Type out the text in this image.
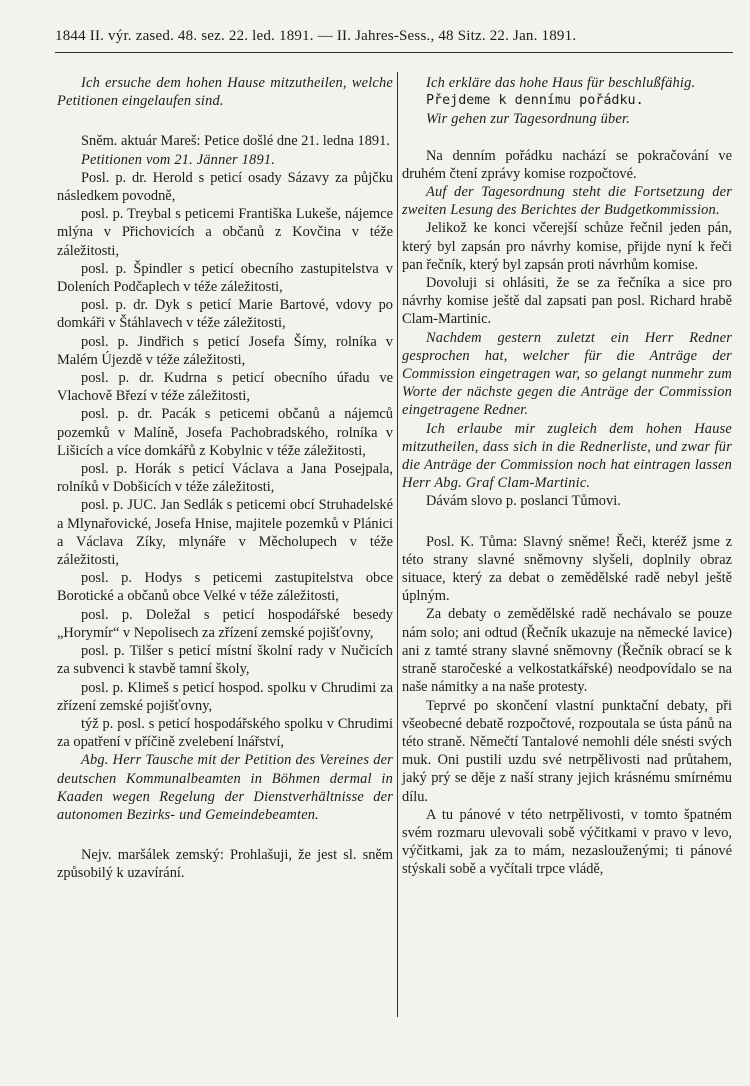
1844 II. výr. zased. 48. sez. 22. led. 1891. — II. Jahres-Sess., 48 Sitz. 22. Jan. 1891.

Ich ersuche dem hohen Hause mitzutheilen, welche Petitionen eingelaufen sind.

Sněm. aktuár Mareš: Petice došlé dne 21. ledna 1891.

Petitionen vom 21. Jänner 1891.

Posl. p. dr. Herold s peticí osady Sázavy za půjčku následkem povodně,

posl. p. Treybal s peticemi Františka Lukeše, nájemce mlýna v Přichovicích a občanů z Kovčina v téže záležitosti,

posl. p. Špindler s peticí obecního zastupitelstva v Doleních Podčaplech v téže záležitosti,

posl. p. dr. Dyk s peticí Marie Bartové, vdovy po domkáři v Štáhlavech v téže záležitosti,

posl. p. Jindřich s peticí Josefa Šímy, rolníka v Malém Újezdě v téže záležitosti,

posl. p. dr. Kudrna s peticí obecního úřadu ve Vlachově Březí v téže záležitosti,

posl. p. dr. Pacák s peticemi občanů a nájemců pozemků v Malíně, Josefa Pachobradského, rolníka v Lišicích a více domkářů z Kobylnic v téže záležitosti,

posl. p. Horák s peticí Václava a Jana Posejpala, rolníků v Dobšicích v téže záležitosti,

posl. p. JUC. Jan Sedlák s peticemi obcí Struhadelské a Mlynařovické, Josefa Hnise, majitele pozemků v Plánici a Václava Zíky, mlynáře v Měcholupech v téže záležitosti,

posl. p. Hodys s peticemi zastupitelstva obce Borotické a občanů obce Velké v téže záležitosti,

posl. p. Doležal s peticí hospodářské besedy „Horymír“ v Nepolisech za zřízení zemské pojišťovny,

posl. p. Tilšer s peticí místní školní rady v Nučicích za subvenci k stavbě tamní školy,

posl. p. Klimeš s peticí hospod. spolku v Chrudimi za zřízení zemské pojišťovny,

týž p. posl. s peticí hospodářského spolku v Chrudimi za opatření v příčině zvelebení lnářství,

Abg. Herr Tausche mit der Petition des Vereines der deutschen Kommunalbeamten in Böhmen dermal in Kaaden wegen Regelung der Dienstverhältnisse der autonomen Bezirks- und Gemeindebeamten.

Nejv. maršálek zemský: Prohlašuji, že jest sl. sněm způsobilý k uzavírání.

Ich erkläre das hohe Haus für beschlußfähig.

Přejdeme k dennímu pořádku.

Wir gehen zur Tagesordnung über.

Na denním pořádku nachází se pokračování ve druhém čtení zprávy komise rozpočtové.

Auf der Tagesordnung steht die Fortsetzung der zweiten Lesung des Berichtes der Budgetkommission.

Jelikož ke konci včerejší schůze řečnil jeden pán, který byl zapsán pro návrhy komise, přijde nyní k řeči pan řečník, který byl zapsán proti návrhům komise.

Dovoluji si ohlásiti, že se za řečníka a sice pro návrhy komise ještě dal zapsati pan posl. Richard hrabě Clam-Martinic.

Nachdem gestern zuletzt ein Herr Redner gesprochen hat, welcher für die Anträge der Commission eingetragen war, so gelangt nunmehr zum Worte der nächste gegen die Anträge der Commission eingetragene Redner.

Ich erlaube mir zugleich dem hohen Hause mitzutheilen, dass sich in die Rednerliste, und zwar für die Anträge der Commission noch hat eintragen lassen Herr Abg. Graf Clam-Martinic.

Dávám slovo p. poslanci Tůmovi.

Posl. K. Tůma: Slavný sněme! Řeči, kteréž jsme z této strany slavné sněmovny slyšeli, doplnily obraz situace, který za debat o zemědělské radě nebyl ještě úplným.

Za debaty o zemědělské radě nechávalo se pouze nám solo; ani odtud (Řečník ukazuje na německé lavice) ani z tamté strany slavné sněmovny (Řečník obrací se k straně staročeské a velkostatkářské) neodpovídalo se na naše námitky a na naše protesty.

Teprvé po skončení vlastní punktační debaty, při všeobecné debatě rozpočtové, rozpoutala se ústa pánů na této straně. Němečtí Tantalové nemohli déle snésti svých muk. Oni pustili uzdu své netrpělivosti nad průtahem, jaký prý se děje z naší strany jejich krásnému smírnému dílu.

A tu pánové v této netrpělivosti, v tomto špatném svém rozmaru ulevovali sobě výčitkami v pravo v levo, výčitkami, jak za to mám, nezaslouženými; ti pánové stýskali sobě a vyčítali trpce vládě,
